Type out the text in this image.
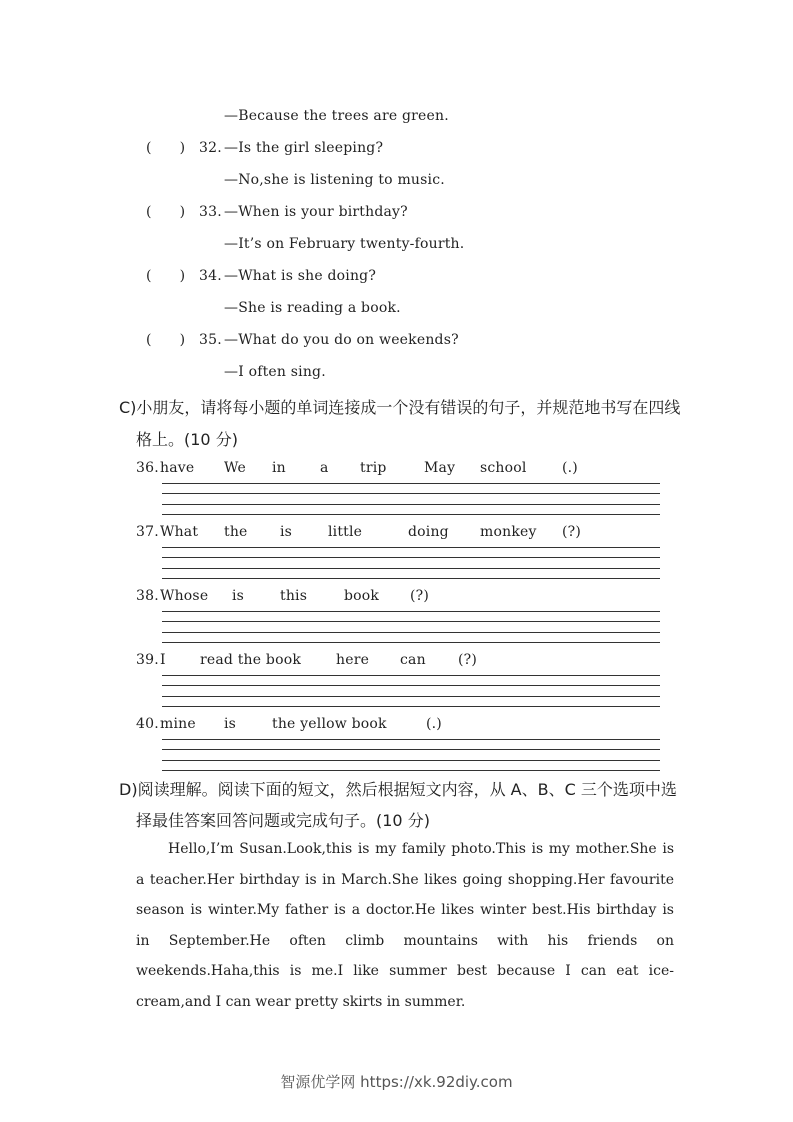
—Because the trees are green.
(      ) 32. —Is the girl sleeping?
—No,she is listening to music.
(      ) 33. —When is your birthday?
—It’s on February twenty-fourth.
(      ) 34. —What is she doing?
—She is reading a book.
(      ) 35. —What do you do on weekends?
—I often sing.
C)小朋友，请将每小题的单词连接成一个没有错误的句子，并规范地书写在四线
格上。(10 分)
36. have We in a trip	May school	(.)
37. What the is	little	doing monkey (?)
38. Whose is	this	book (?)
39. I read the book here can (?)
40. mine is	the yellow book	(.)
D)阅读理解。阅读下面的短文，然后根据短文内容，从 A、B、C 三个选项中选
择最佳答案回答问题或完成句子。(10 分)

Hello,I’m Susan.Look,this is my family photo.This is my mother.She is a teacher.Her birthday is in March.She likes going shopping.Her favourite season is winter.My father is a doctor.He likes winter best.His birthday is in September.He often climb mountains with his friends on weekends.Haha,this is me.I like summer best because I can eat ice-cream,and I can wear pretty skirts in summer.

智源优学网 https://xk.92diy.com
